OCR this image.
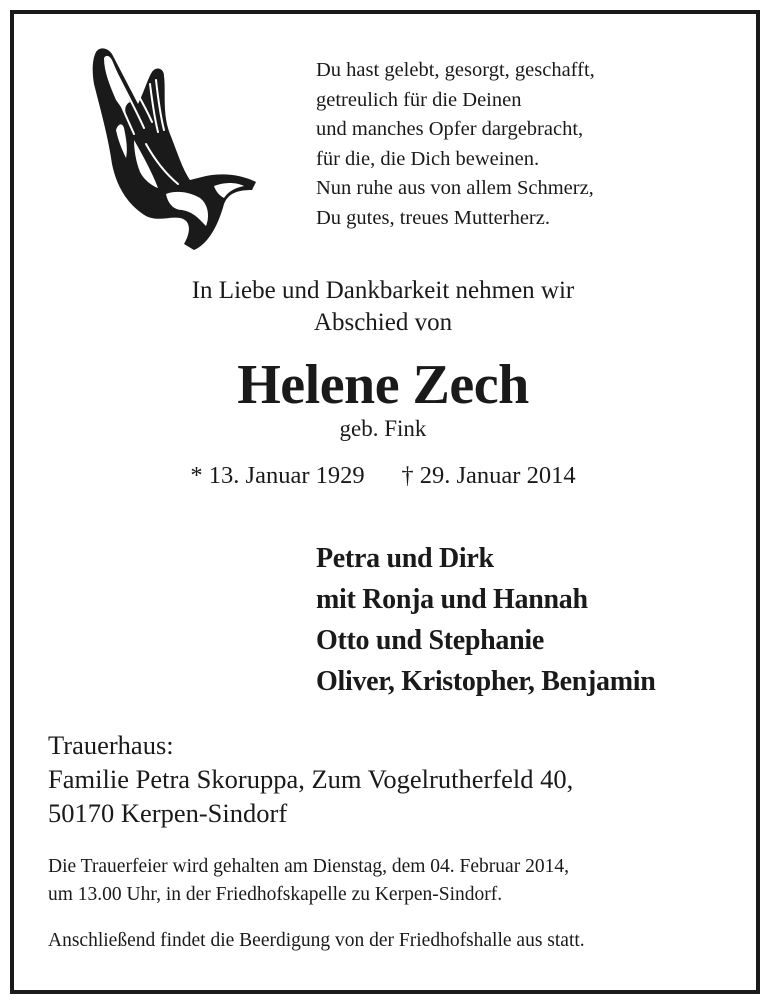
Du hast gelebt, gesorgt, geschafft,
getreulich für die Deinen
und manches Opfer dargebracht,
für die, die Dich beweinen.
Nun ruhe aus von allem Schmerz,
Du gutes, treues Mutterherz.
In Liebe und Dankbarkeit nehmen wir
Abschied von
Helene Zech
geb. Fink
* 13. Januar 1929 † 29. Januar 2014
Petra und Dirk
mit Ronja und Hannah
Otto und Stephanie
Oliver, Kristopher, Benjamin
Trauerhaus:
Familie Petra Skoruppa, Zum Vogelrutherfeld 40,
50170 Kerpen-Sindorf
Die Trauerfeier wird gehalten am Dienstag, dem 04. Februar 2014,
um 13.00 Uhr, in der Friedhofskapelle zu Kerpen-Sindorf.
Anschließend findet die Beerdigung von der Friedhofshalle aus statt.
